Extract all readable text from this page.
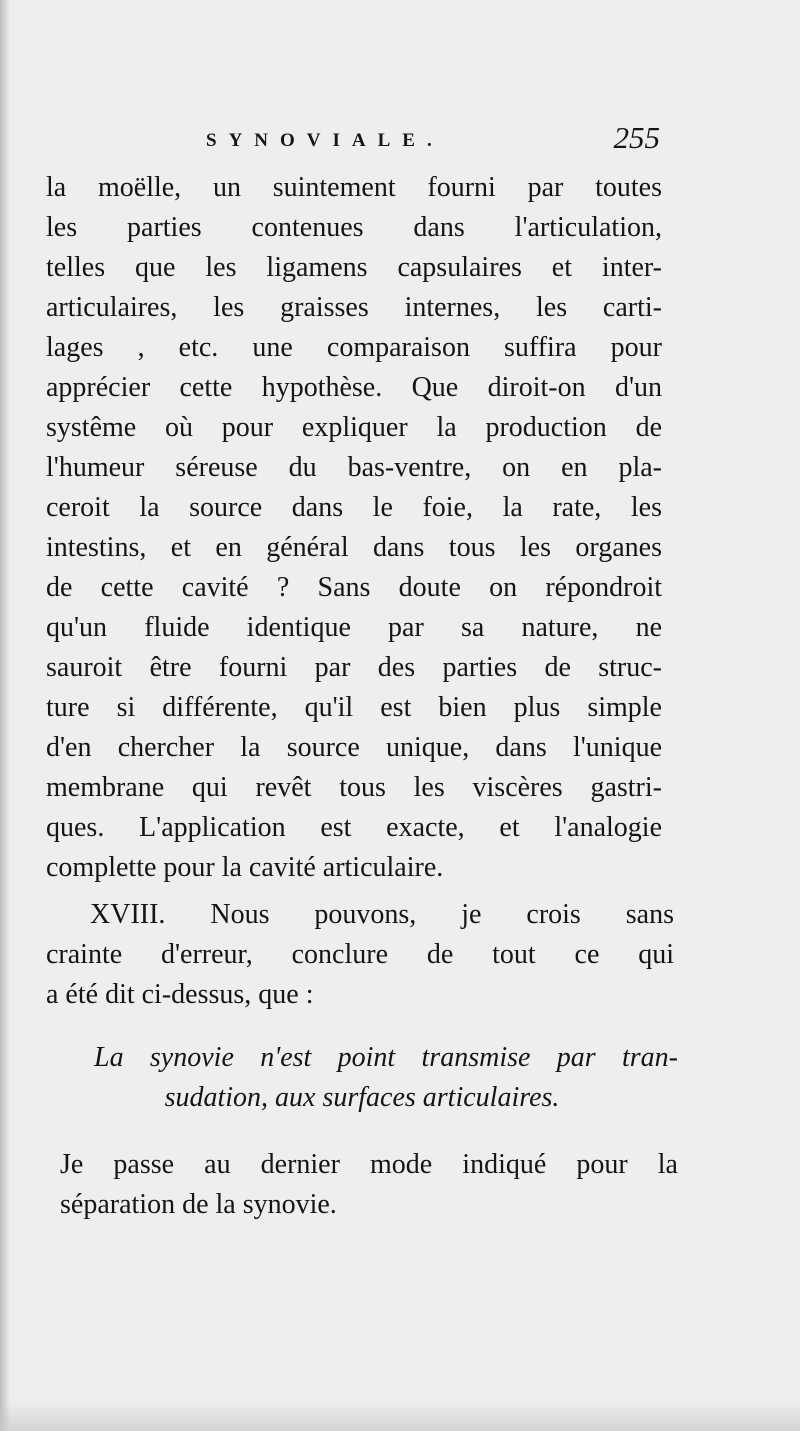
SYNOVIALE.	255
la moëlle, un suintement fourni par toutes
les parties contenues dans l'articulation,
telles que les ligamens capsulaires et inter-
articulaires, les graisses internes, les carti-
lages , etc. une comparaison suffira pour
apprécier cette hypothèse. Que diroit-on d'un
systême où pour expliquer la production de
l'humeur séreuse du bas-ventre, on en pla-
ceroit la source dans le foie, la rate, les
intestins, et en général dans tous les organes
de cette cavité ? Sans doute on répondroit
qu'un fluide identique par sa nature, ne
sauroit être fourni par des parties de struc-
ture si différente, qu'il est bien plus simple
d'en chercher la source unique, dans l'unique
membrane qui revêt tous les viscères gastri-
ques. L'application est exacte, et l'analogie
complette pour la cavité articulaire.
XVIII. Nous pouvons, je crois sans
crainte d'erreur, conclure de tout ce qui
a été dit ci-dessus, que :
La synovie n'est point transmise par tran-
sudation, aux surfaces articulaires.
Je passe au dernier mode indiqué pour la
séparation de la synovie.
